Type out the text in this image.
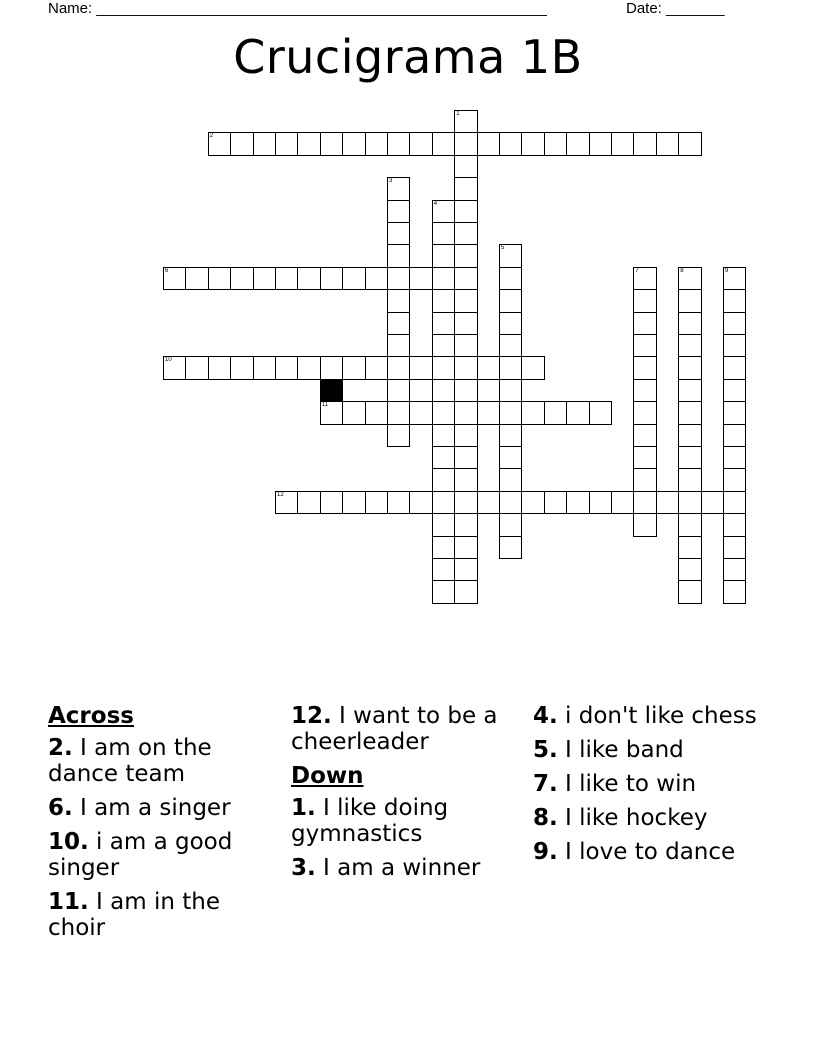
Name: ______________________________________________________	Date: _______
Crucigrama 1B
1
2
3
4
5
6	7	8	9
10
11
12
Across
2. I am on the dance team
6. I am a singer
10. i am a good singer
11. I am in the choir
12. I want to be a cheerleader
Down
1. I like doing gymnastics
3. I am a winner
4. i don't like chess
5. I like band
7. I like to win
8. I like hockey
9. I love to dance
